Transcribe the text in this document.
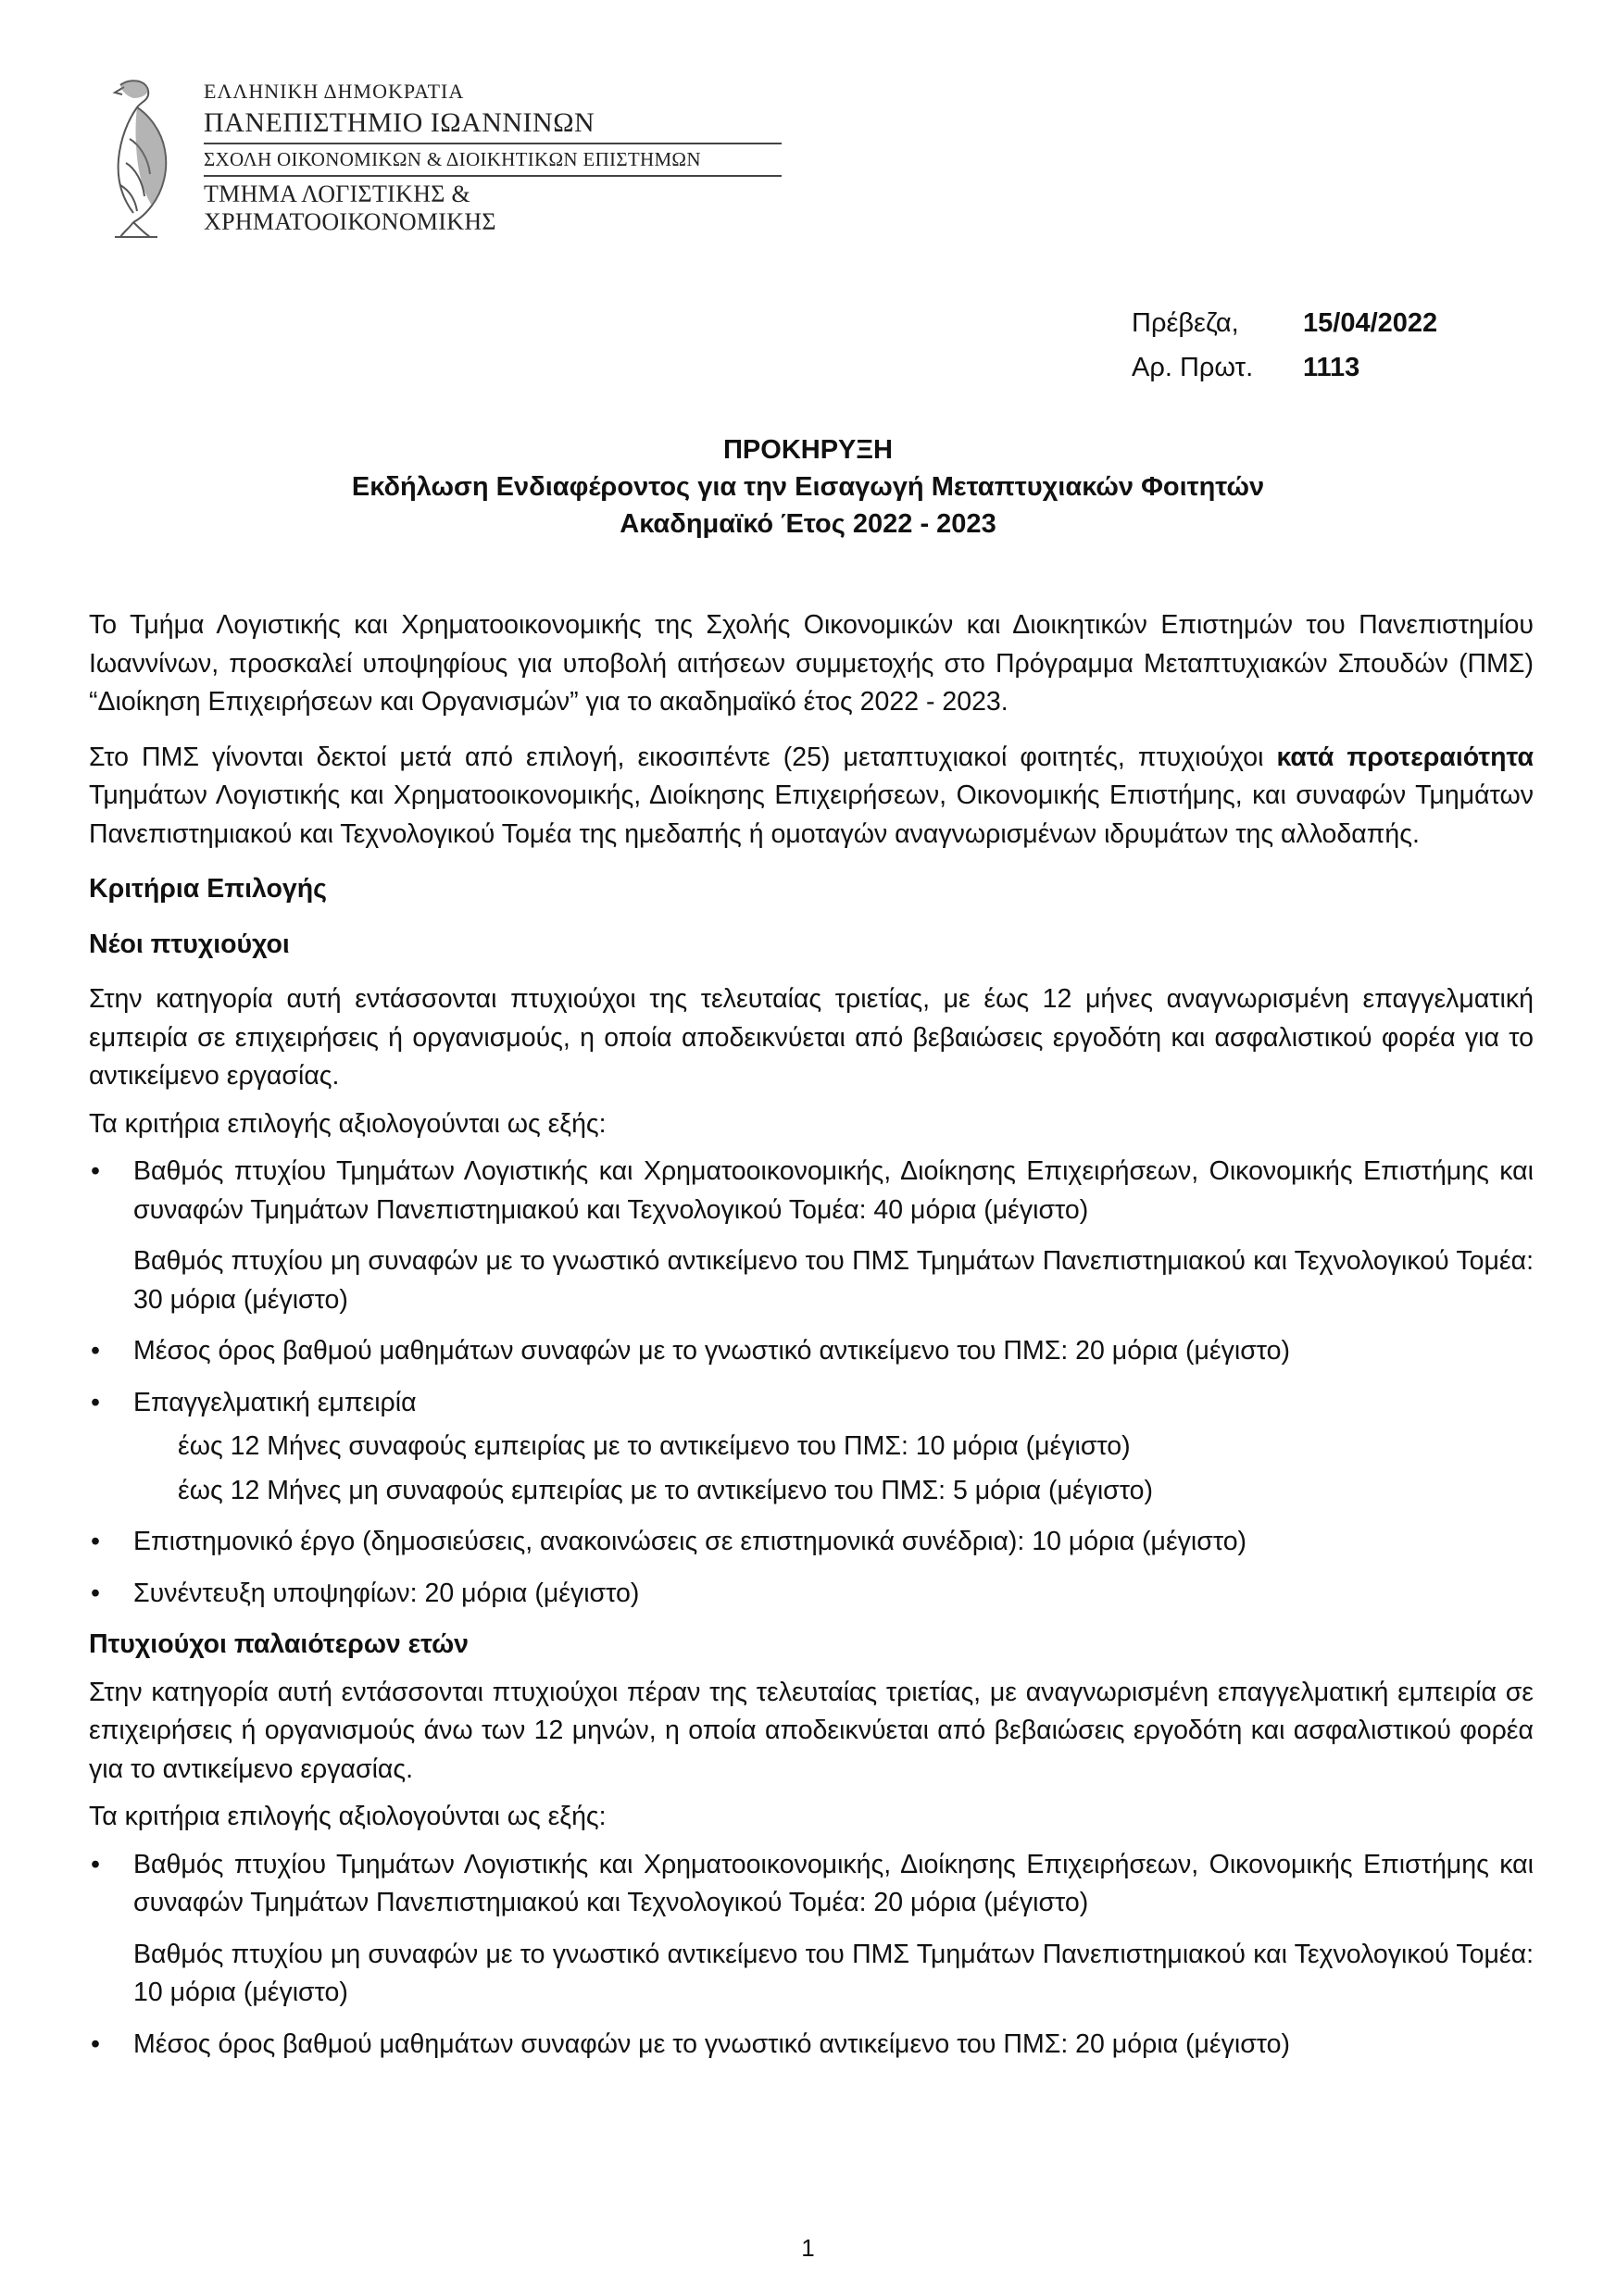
ΕΛΛΗΝΙΚΗ ΔΗΜΟΚΡΑΤΙΑ
ΠΑΝΕΠΙΣΤΗΜΙΟ ΙΩΑΝΝΙΝΩΝ
ΣΧΟΛΗ ΟΙΚΟΝΟΜΙΚΩΝ & ΔΙΟΙΚΗΤΙΚΩΝ ΕΠΙΣΤΗΜΩΝ
ΤΜΗΜΑ ΛΟΓΙΣΤΙΚΗΣ &
ΧΡΗΜΑΤΟΟΙΚΟΝΟΜΙΚΗΣ
Πρέβεζα,	15/04/2022
Αρ. Πρωτ.	1113
ΠΡΟΚΗΡΥΞΗ
Εκδήλωση Ενδιαφέροντος για την Εισαγωγή Μεταπτυχιακών Φοιτητών
Ακαδημαϊκό Έτος 2022 - 2023

Το Τμήμα Λογιστικής και Χρηματοοικονομικής της Σχολής Οικονομικών και Διοικητικών Επιστημών του Πανεπιστημίου Ιωαννίνων, προσκαλεί υποψηφίους για υποβολή αιτήσεων συμμετοχής στο Πρόγραμμα Μεταπτυχιακών Σπουδών (ΠΜΣ) “Διοίκηση Επιχειρήσεων και Οργανισμών” για το ακαδημαϊκό έτος 2022 - 2023.

Στο ΠΜΣ γίνονται δεκτοί μετά από επιλογή, εικοσιπέντε (25) μεταπτυχιακοί φοιτητές, πτυχιούχοι κατά προτεραιότητα Τμημάτων Λογιστικής και Χρηματοοικονομικής, Διοίκησης Επιχειρήσεων, Οικονομικής Επιστήμης, και συναφών Τμημάτων Πανεπιστημιακού και Τεχνολογικού Τομέα της ημεδαπής ή ομοταγών αναγνωρισμένων ιδρυμάτων της αλλοδαπής.

Κριτήρια Επιλογής
Νέοι πτυχιούχοι

Στην κατηγορία αυτή εντάσσονται πτυχιούχοι της τελευταίας τριετίας, με έως 12 μήνες αναγνωρισμένη επαγγελματική εμπειρία σε επιχειρήσεις ή οργανισμούς, η οποία αποδεικνύεται από βεβαιώσεις εργοδότη και ασφαλιστικού φορέα για το αντικείμενο εργασίας.

Τα κριτήρια επιλογής αξιολογούνται ως εξής:

• Βαθμός πτυχίου Τμημάτων Λογιστικής και Χρηματοοικονομικής, Διοίκησης Επιχειρήσεων, Οικονομικής Επιστήμης και συναφών Τμημάτων Πανεπιστημιακού και Τεχνολογικού Τομέα: 40 μόρια (μέγιστο)
Βαθμός πτυχίου μη συναφών με το γνωστικό αντικείμενο του ΠΜΣ Τμημάτων Πανεπιστημιακού και Τεχνολογικού Τομέα: 30 μόρια (μέγιστο)
• Μέσος όρος βαθμού μαθημάτων συναφών με το γνωστικό αντικείμενο του ΠΜΣ: 20 μόρια (μέγιστο)
• Επαγγελματική εμπειρία
έως 12 Μήνες συναφούς εμπειρίας με το αντικείμενο του ΠΜΣ: 10 μόρια (μέγιστο)
έως 12 Μήνες μη συναφούς εμπειρίας με το αντικείμενο του ΠΜΣ: 5 μόρια (μέγιστο)
• Επιστημονικό έργο (δημοσιεύσεις, ανακοινώσεις σε επιστημονικά συνέδρια): 10 μόρια (μέγιστο)
• Συνέντευξη υποψηφίων: 20 μόρια (μέγιστο)
Πτυχιούχοι παλαιότερων ετών

Στην κατηγορία αυτή εντάσσονται πτυχιούχοι πέραν της τελευταίας τριετίας, με αναγνωρισμένη επαγγελματική εμπειρία σε επιχειρήσεις ή οργανισμούς άνω των 12 μηνών, η οποία αποδεικνύεται από βεβαιώσεις εργοδότη και ασφαλιστικού φορέα για το αντικείμενο εργασίας.

Τα κριτήρια επιλογής αξιολογούνται ως εξής:

• Βαθμός πτυχίου Τμημάτων Λογιστικής και Χρηματοοικονομικής, Διοίκησης Επιχειρήσεων, Οικονομικής Επιστήμης και συναφών Τμημάτων Πανεπιστημιακού και Τεχνολογικού Τομέα: 20 μόρια (μέγιστο)
Βαθμός πτυχίου μη συναφών με το γνωστικό αντικείμενο του ΠΜΣ Τμημάτων Πανεπιστημιακού και Τεχνολογικού Τομέα: 10 μόρια (μέγιστο)
• Μέσος όρος βαθμού μαθημάτων συναφών με το γνωστικό αντικείμενο του ΠΜΣ: 20 μόρια (μέγιστο)
1
